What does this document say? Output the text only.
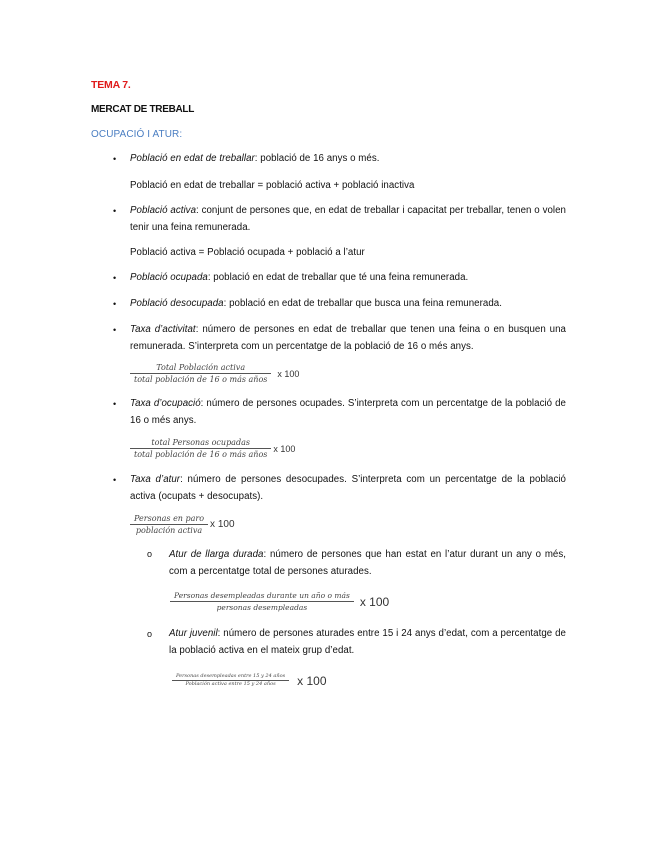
TEMA 7.
MERCAT DE TREBALL
OCUPACIÓ I ATUR:
• Població en edat de treballar: població de 16 anys o més.
Població en edat de treballar = població activa + població inactiva
• Població activa: conjunt de persones que, en edat de treballar i capacitat per treballar, tenen o volen tenir una feina remunerada.
Població activa = Població ocupada + població a l’atur
• Població ocupada: població en edat de treballar que té una feina remunerada.
• Població desocupada: població en edat de treballar que busca una feina remunerada.
• Taxa d’activitat: número de persones en edat de treballar que tenen una feina o en busquen una remunerada. S’interpreta com un percentatge de la població de 16 o més anys.
$\frac{\text{Total Población activa}}{\text{total población de 16 o más años}}$ x 100
• Taxa d’ocupació: número de persones ocupades. S’interpreta com un percentatge de la població de 16 o més anys.
$\frac{\text{total Personas ocupadas}}{\text{total población de 16 o más años}}$ x 100
• Taxa d’atur: número de persones desocupades. S’interpreta com un percentatge de la població activa (ocupats + desocupats).
$\frac{\text{Personas en paro}}{\text{población activa}}$ x 100
o Atur de llarga durada: número de persones que han estat en l’atur durant un any o més, com a percentatge total de persones aturades.
$\frac{\text{Personas desempleadas durante un año o más}}{\text{personas desempleadas}}$ x 100
o Atur juvenil: número de persones aturades entre 15 i 24 anys d’edat, com a percentatge de la població activa en el mateix grup d’edat.
$\frac{\text{Personas desempleadas entre 15 y 24 años}}{\text{Población activa entre 15 y 24 años}}$ x 100
